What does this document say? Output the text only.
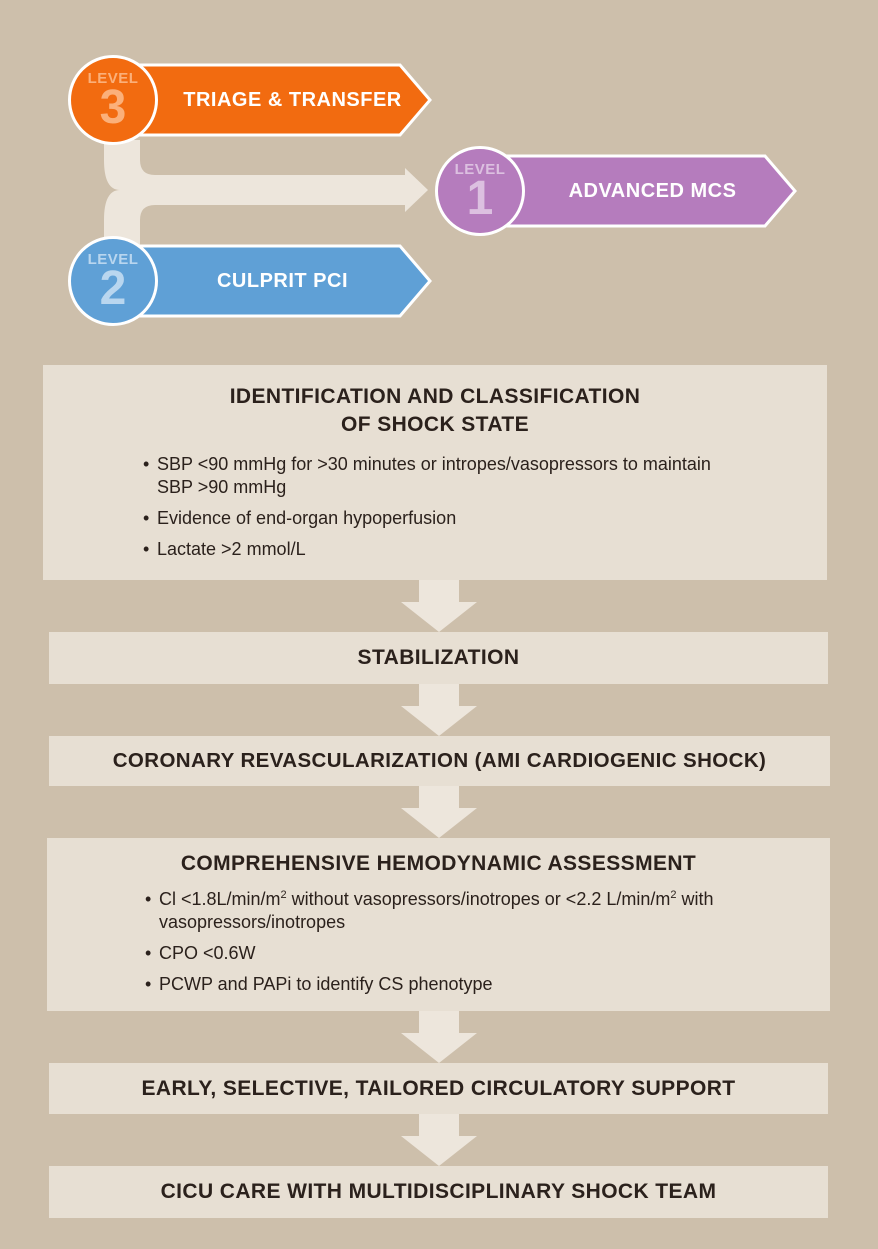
TRIAGE & TRANSFER
LEVEL
3
ADVANCED MCS
LEVEL
1
CULPRIT PCI
LEVEL
2
IDENTIFICATION AND CLASSIFICATION
OF SHOCK STATE
• SBP <90 mmHg for >30 minutes or intropes/vasopressors to maintain SBP >90 mmHg
• Evidence of end-organ hypoperfusion
• Lactate >2 mmol/L
STABILIZATION
CORONARY REVASCULARIZATION (AMI CARDIOGENIC SHOCK)
COMPREHENSIVE HEMODYNAMIC ASSESSMENT
• $Cl <1.8L/\min/m^2$ without vasopressors/inotropes or <2.2 $L/\min/m^2$ with vasopressors/inotropes
• CPO <0.6W
• PCWP and PAPi to identify CS phenotype
EARLY, SELECTIVE, TAILORED CIRCULATORY SUPPORT
CICU CARE WITH MULTIDISCIPLINARY SHOCK TEAM
